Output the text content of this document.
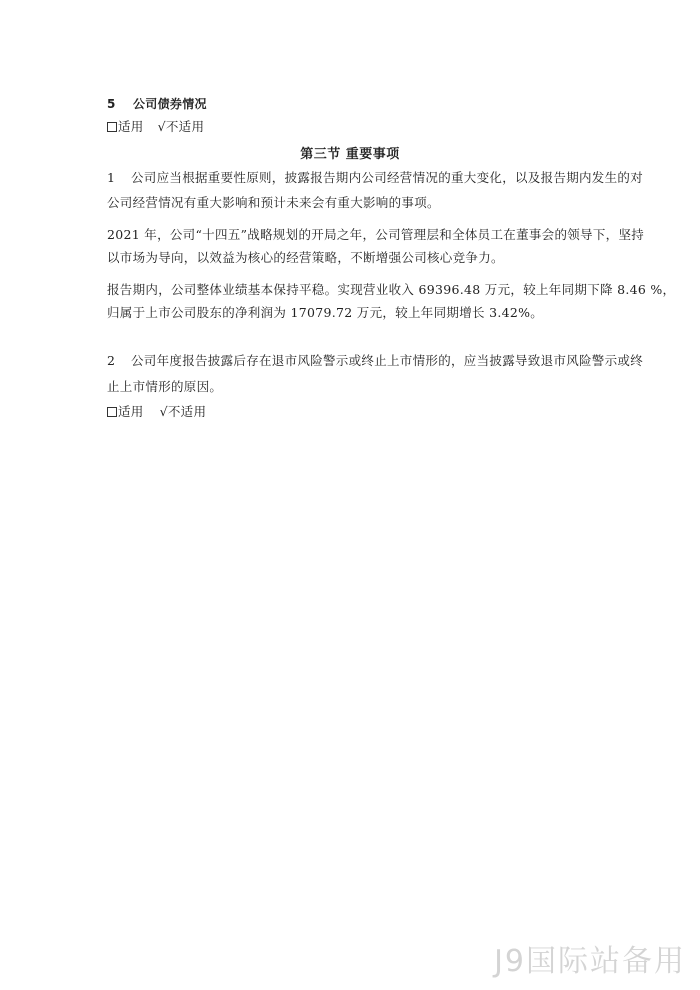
5 公司债券情况
适用 √不适用
第三节 重要事项
1 公司应当根据重要性原则，披露报告期内公司经营情况的重大变化，以及报告期内发生的对
公司经营情况有重大影响和预计未来会有重大影响的事项。
2021 年，公司“十四五”战略规划的开局之年，公司管理层和全体员工在董事会的领导下，坚持
以市场为导向，以效益为核心的经营策略，不断增强公司核心竞争力。
报告期内，公司整体业绩基本保持平稳。实现营业收入 69396.48 万元，较上年同期下降 8.46 %，
归属于上市公司股东的净利润为 17079.72 万元，较上年同期增长 3.42%。
2 公司年度报告披露后存在退市风险警示或终止上市情形的，应当披露导致退市风险警示或终
止上市情形的原因。
适用 √不适用
J9国际站备用
